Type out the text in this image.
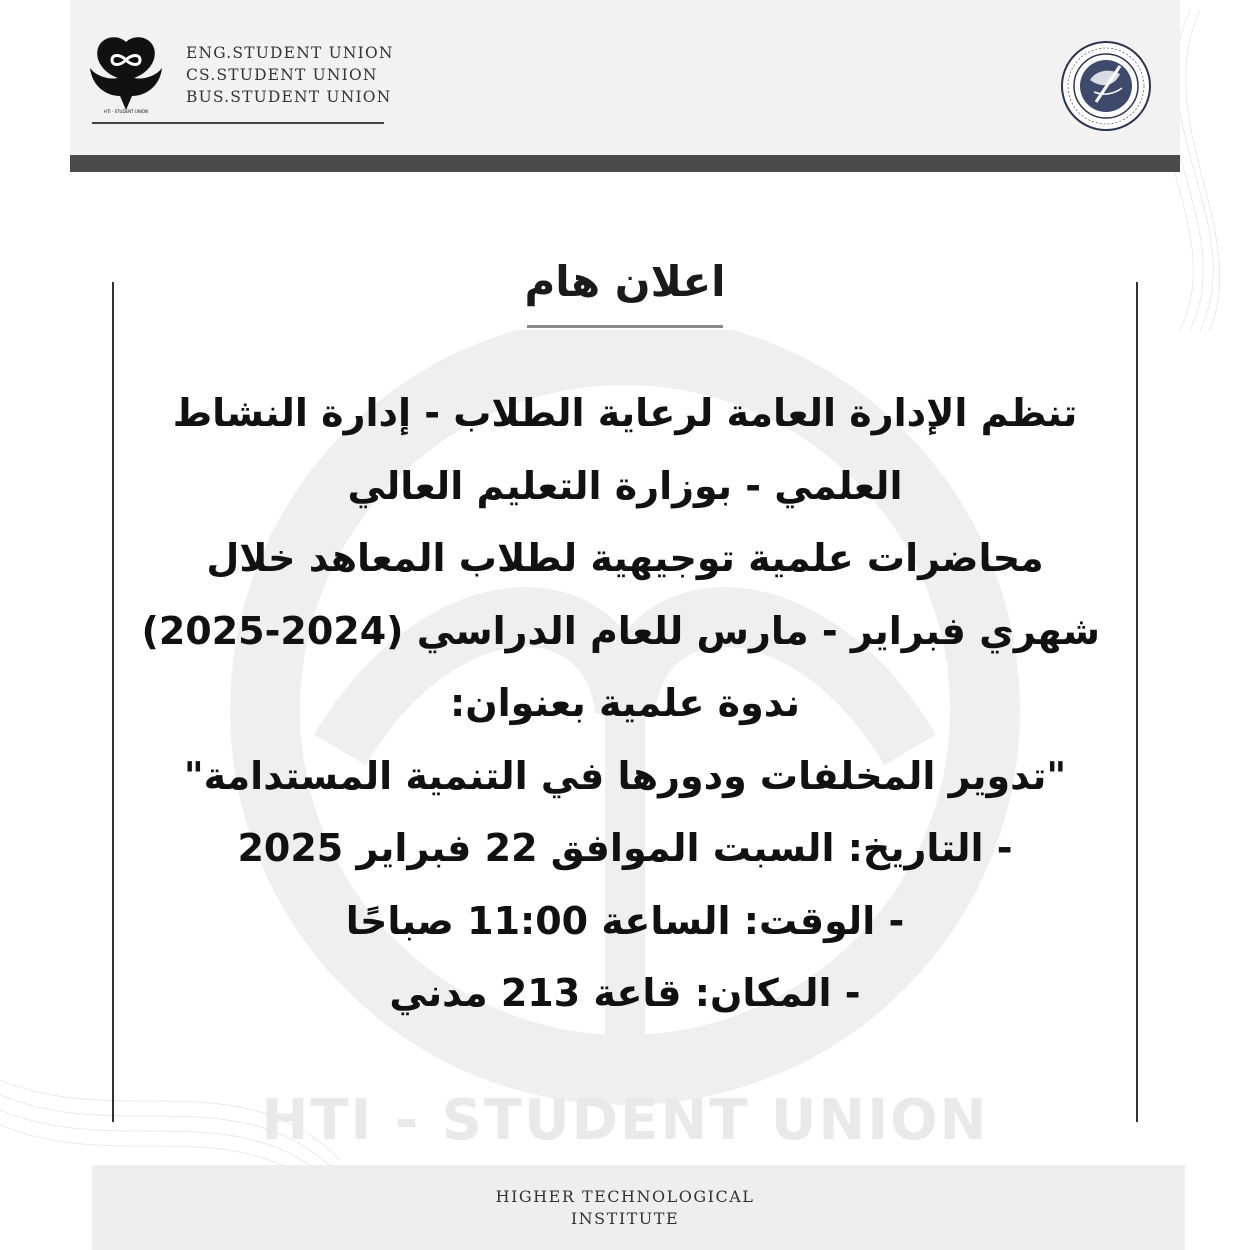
HTI - STUDENT UNION
HTI - STUDENT UNION
ENG.STUDENT UNION
CS.STUDENT UNION
BUS.STUDENT UNION
اعلان هام
تنظم الإدارة العامة لرعاية الطلاب - إدارة النشاط
العلمي - بوزارة التعليم العالي
محاضرات علمية توجيهية لطلاب المعاهد خلال
شهري فبراير - مارس للعام الدراسي (2024-2025)
ندوة علمية بعنوان:
"تدوير المخلفات ودورها في التنمية المستدامة"
- التاريخ: السبت الموافق 22 فبراير 2025
- الوقت: الساعة 11:00 صباحًا
- المكان: قاعة 213 مدني
HIGHER TECHNOLOGICAL
INSTITUTE
